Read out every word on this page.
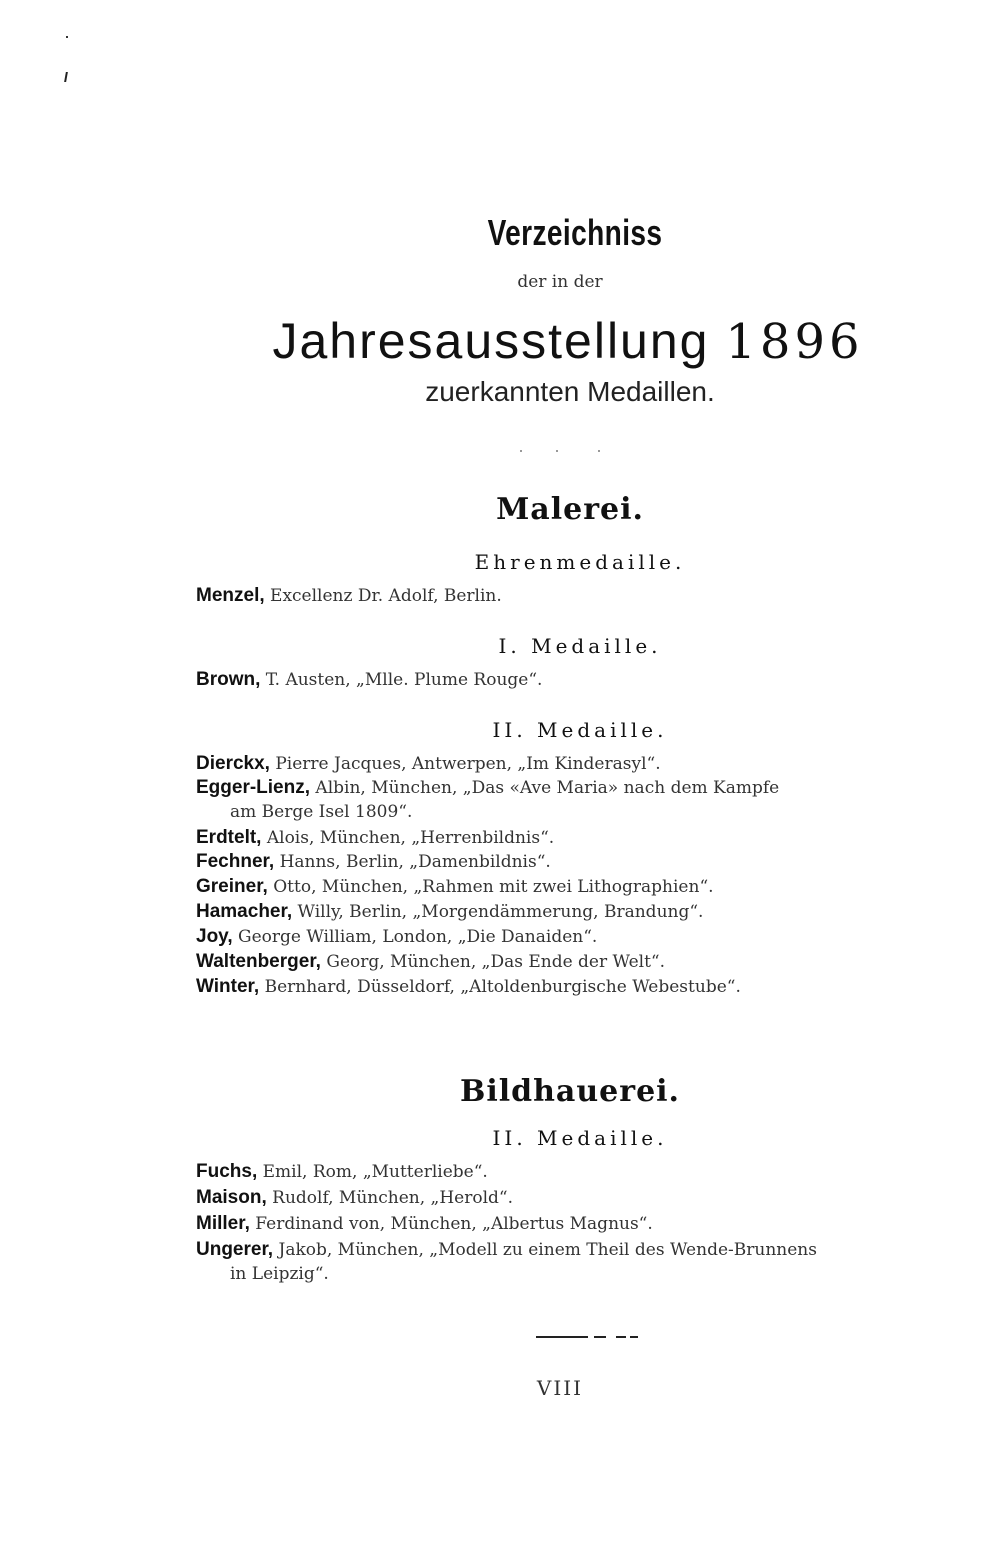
Verzeichniss
der in der
Jahresausstellung 1896
zuerkannten Medaillen.
Malerei.
Ehrenmedaille.
Menzel, Excellenz Dr. Adolf, Berlin.
I. Medaille.
Brown, T. Austen, „Mlle. Plume Rouge“.
II. Medaille.
Dierckx, Pierre Jacques, Antwerpen, „Im Kinderasyl“.
Egger-Lienz, Albin, München, „Das «Ave Maria» nach dem Kampfe
am Berge Isel 1809“.
Erdtelt, Alois, München, „Herrenbildnis“.
Fechner, Hanns, Berlin, „Damenbildnis“.
Greiner, Otto, München, „Rahmen mit zwei Lithographien“.
Hamacher, Willy, Berlin, „Morgendämmerung, Brandung“.
Joy, George William, London, „Die Danaiden“.
Waltenberger, Georg, München, „Das Ende der Welt“.
Winter, Bernhard, Düsseldorf, „Altoldenburgische Webestube“.
Bildhauerei.
II. Medaille.
Fuchs, Emil, Rom, „Mutterliebe“.
Maison, Rudolf, München, „Herold“.
Miller, Ferdinand von, München, „Albertus Magnus“.
Ungerer, Jakob, München, „Modell zu einem Theil des Wende-Brunnens
in Leipzig“.
VIII
